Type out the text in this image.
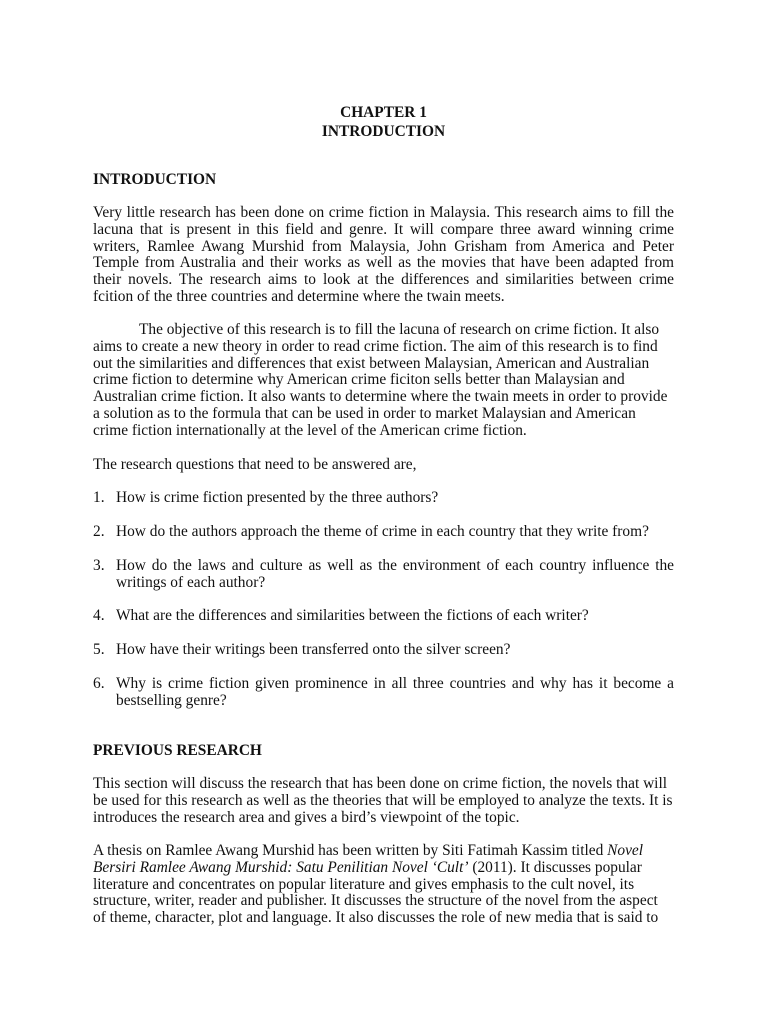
CHAPTER 1
INTRODUCTION
INTRODUCTION

Very little research has been done on crime fiction in Malaysia. This research aims to fill the lacuna that is present in this field and genre. It will compare three award winning crime writers, Ramlee Awang Murshid from Malaysia, John Grisham from America and Peter Temple from Australia and their works as well as the movies that have been adapted from their novels. The research aims to look at the differences and similarities between crime fcition of the three countries and determine where the twain meets.

The objective of this research is to fill the lacuna of research on crime fiction. It also aims to create a new theory in order to read crime fiction. The aim of this research is to find out the similarities and differences that exist between Malaysian, American and Australian crime fiction to determine why American crime ficiton sells better than Malaysian and Australian crime fiction. It also wants to determine where the twain meets in order to provide a solution as to the formula that can be used in order to market Malaysian and American crime fiction internationally at the level of the American crime fiction.

The research questions that need to be answered are,

1. How is crime fiction presented by the three authors?
2. How do the authors approach the theme of crime in each country that they write from?
3. How do the laws and culture as well as the environment of each country influence the writings of each author?
4. What are the differences and similarities between the fictions of each writer?
5. How have their writings been transferred onto the silver screen?
6. Why is crime fiction given prominence in all three countries and why has it become a bestselling genre?
PREVIOUS RESEARCH

This section will discuss the research that has been done on crime fiction, the novels that will be used for this research as well as the theories that will be employed to analyze the texts. It is introduces the research area and gives a bird’s viewpoint of the topic.

A thesis on Ramlee Awang Murshid has been written by Siti Fatimah Kassim titled Novel Bersiri Ramlee Awang Murshid: Satu Penilitian Novel ‘Cult’ (2011). It discusses popular literature and concentrates on popular literature and gives emphasis to the cult novel, its structure, writer, reader and publisher. It discusses the structure of the novel from the aspect of theme, character, plot and language. It also discusses the role of new media that is said to
